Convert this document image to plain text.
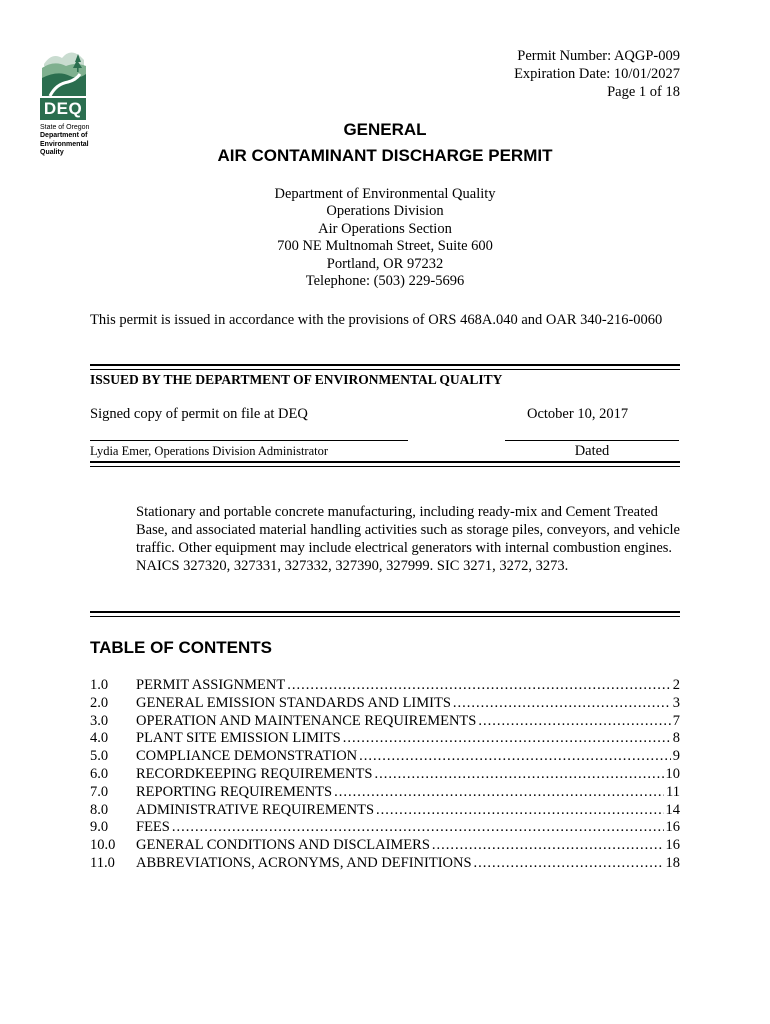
DEQ
State of Oregon
Department of
Environmental
Quality
Permit Number: AQGP-009
Expiration Date: 10/01/2027
Page 1 of 18
GENERAL
AIR CONTAMINANT DISCHARGE PERMIT
Department of Environmental Quality
Operations Division
Air Operations Section
700 NE Multnomah Street, Suite 600
Portland, OR 97232
Telephone: (503) 229-5696
This permit is issued in accordance with the provisions of ORS 468A.040 and OAR 340-216-0060
ISSUED BY THE DEPARTMENT OF ENVIRONMENTAL QUALITY
Signed copy of permit on file at DEQ	October 10, 2017
Lydia Emer, Operations Division Administrator	Dated
Stationary and portable concrete manufacturing, including ready-mix and Cement Treated Base, and associated material handling activities such as storage piles, conveyors, and vehicle traffic. Other equipment may include electrical generators with internal combustion engines. NAICS 327320, 327331, 327332, 327390, 327999. SIC 3271, 3272, 3273.
TABLE OF CONTENTS
1.0	PERMIT ASSIGNMENT .....	2
2.0	GENERAL EMISSION STANDARDS AND LIMITS .....	3
3.0	OPERATION AND MAINTENANCE REQUIREMENTS .....	7
4.0	PLANT SITE EMISSION LIMITS .....	8
5.0	COMPLIANCE DEMONSTRATION .....	9
6.0	RECORDKEEPING REQUIREMENTS .....	10
7.0	REPORTING REQUIREMENTS .....	11
8.0	ADMINISTRATIVE REQUIREMENTS .....	14
9.0	FEES .....	16
10.0	GENERAL CONDITIONS AND DISCLAIMERS .....	16
11.0	ABBREVIATIONS, ACRONYMS, AND DEFINITIONS .....	18
